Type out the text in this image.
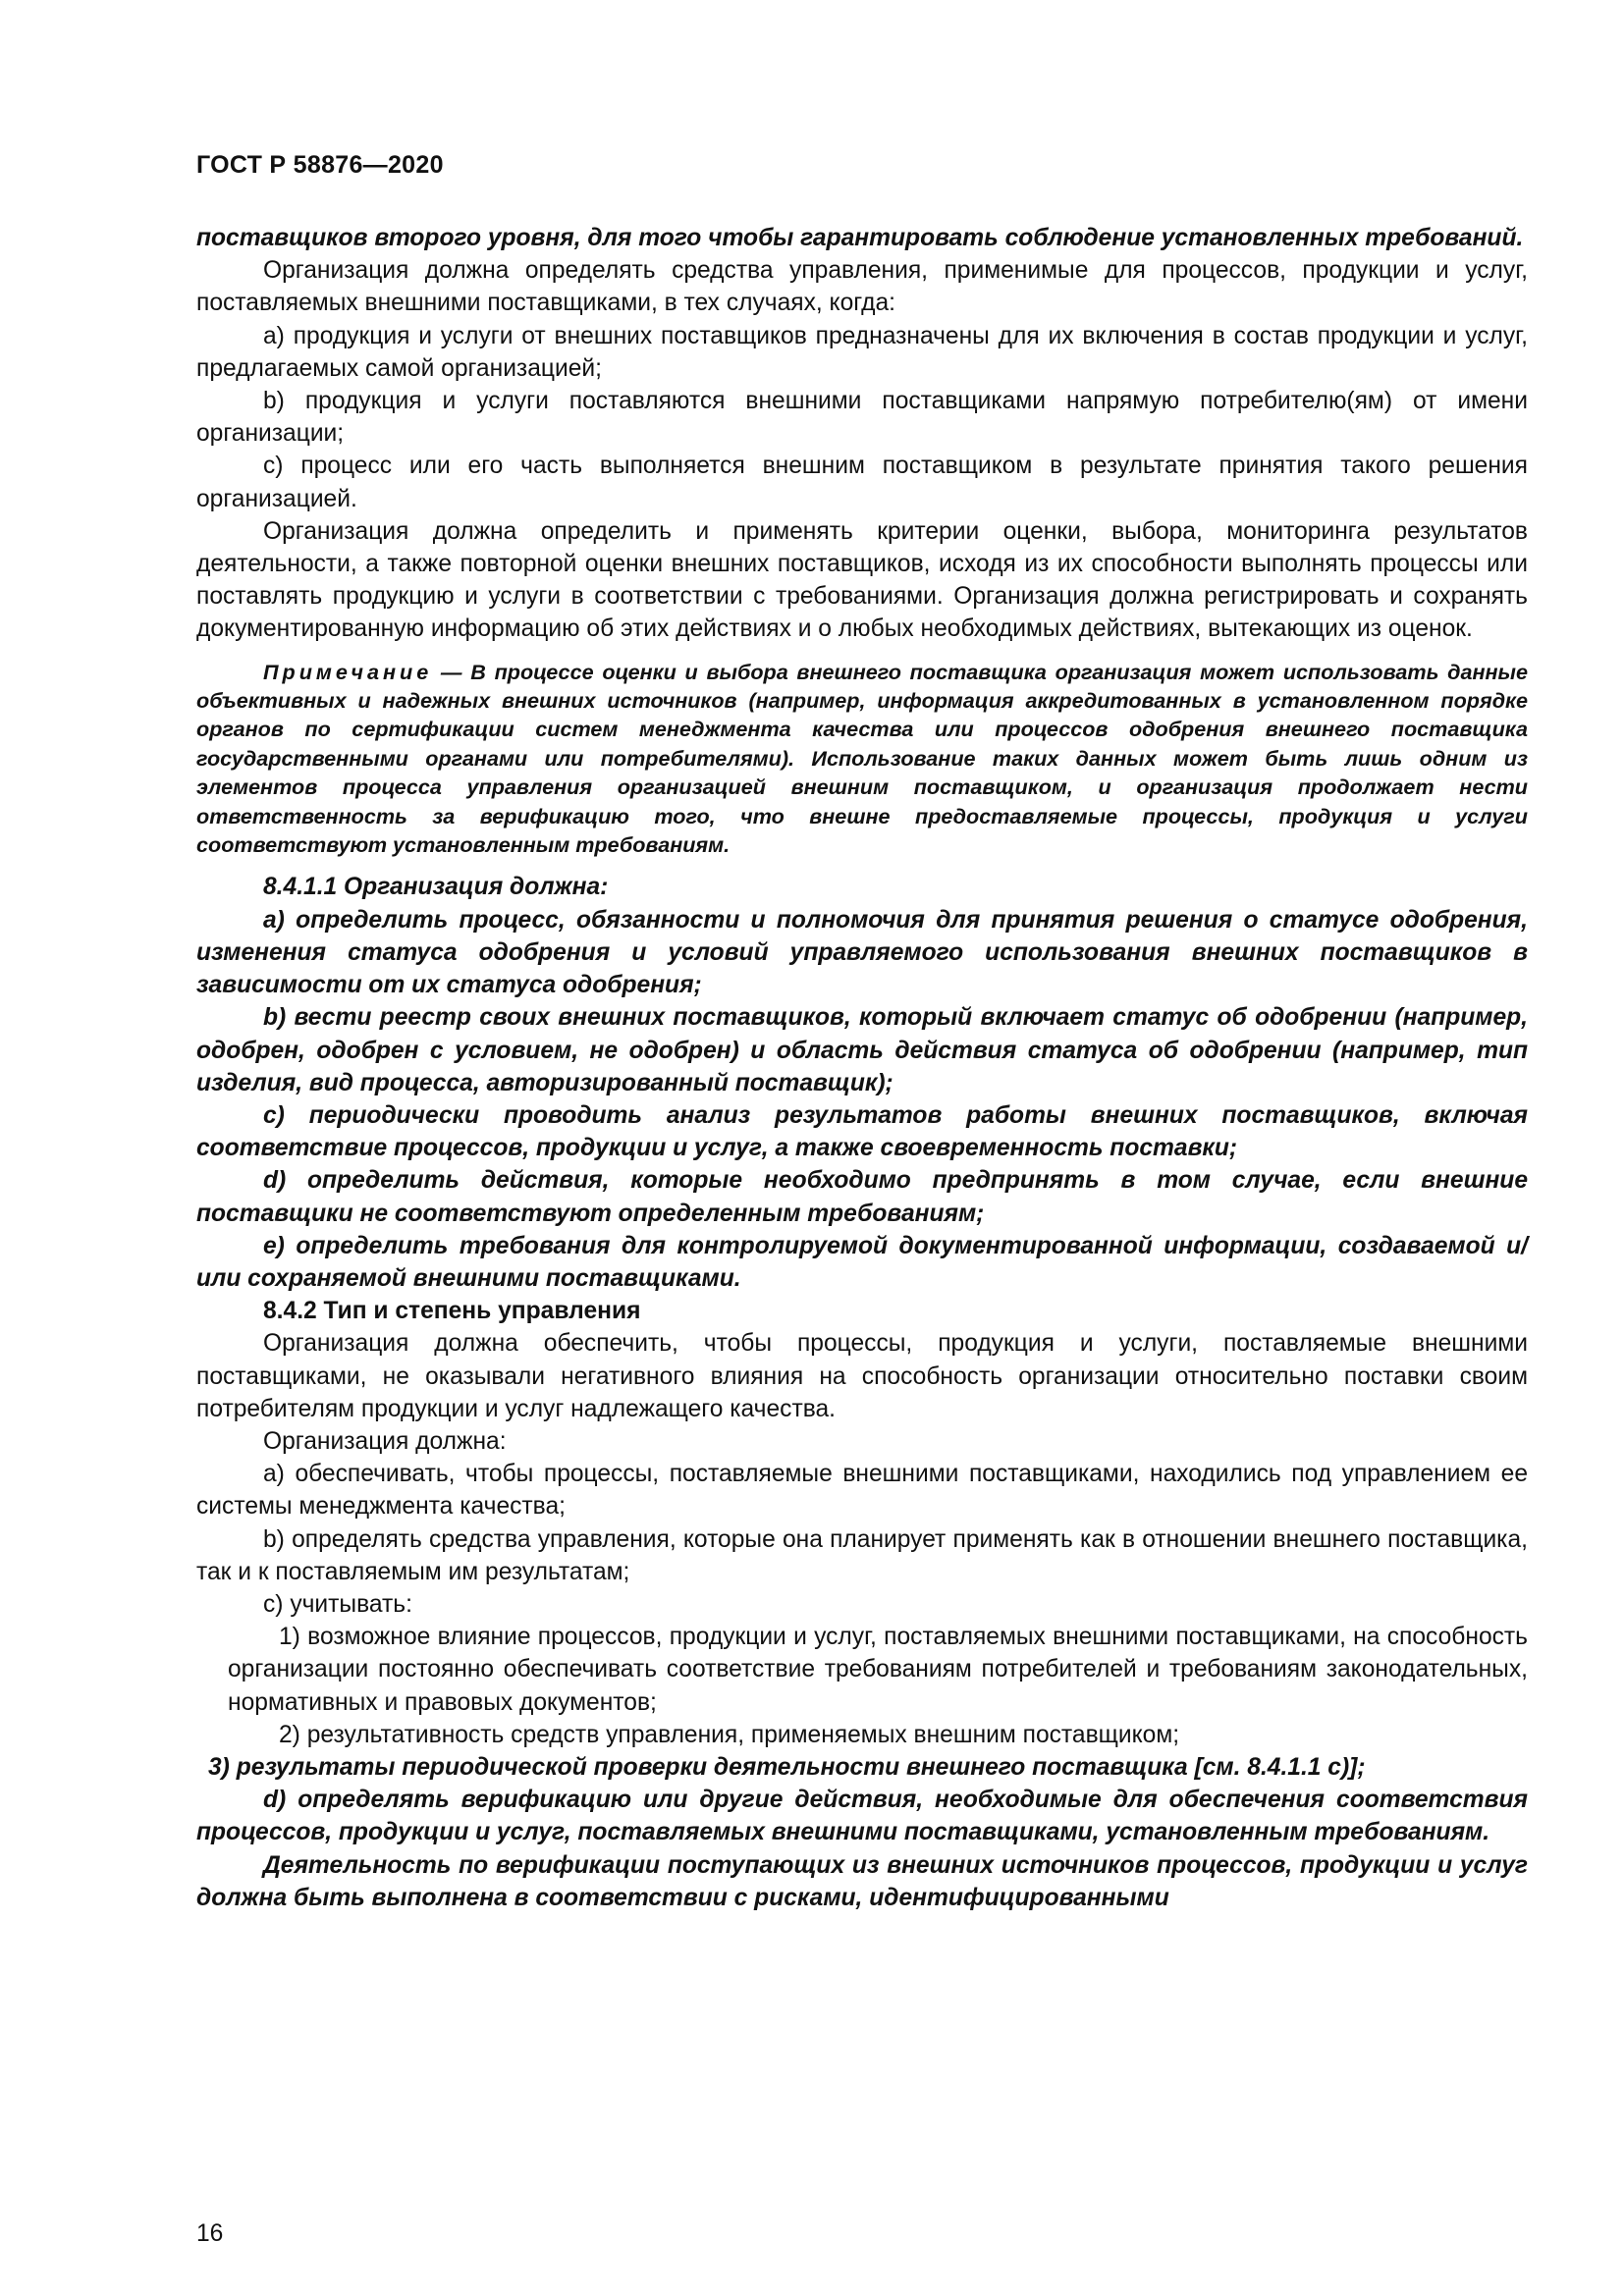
ГОСТ Р 58876—2020

поставщиков второго уровня, для того чтобы гарантировать соблюдение установленных требований.

Организация должна определять средства управления, применимые для процессов, продукции и услуг, поставляемых внешними поставщиками, в тех случаях, когда:

a) продукция и услуги от внешних поставщиков предназначены для их включения в состав продукции и услуг, предлагаемых самой организацией;

b) продукция и услуги поставляются внешними поставщиками напрямую потребителю(ям) от имени организации;

c) процесс или его часть выполняется внешним поставщиком в результате принятия такого решения организацией.

Организация должна определить и применять критерии оценки, выбора, мониторинга результатов деятельности, а также повторной оценки внешних поставщиков, исходя из их способности выполнять процессы или поставлять продукцию и услуги в соответствии с требованиями. Организация должна регистрировать и сохранять документированную информацию об этих действиях и о любых необходимых действиях, вытекающих из оценок.

Примечание — В процессе оценки и выбора внешнего поставщика организация может использовать данные объективных и надежных внешних источников (например, информация аккредитованных в установленном порядке органов по сертификации систем менеджмента качества или процессов одобрения внешнего поставщика государственными органами или потребителями). Использование таких данных может быть лишь одним из элементов процесса управления организацией внешним поставщиком, и организация продолжает нести ответственность за верификацию того, что внешне предоставляемые процессы, продукция и услуги соответствуют установленным требованиям.

8.4.1.1 Организация должна:

a) определить процесс, обязанности и полномочия для принятия решения о статусе одобрения, изменения статуса одобрения и условий управляемого использования внешних поставщиков в зависимости от их статуса одобрения;

b) вести реестр своих внешних поставщиков, который включает статус об одобрении (например, одобрен, одобрен с условием, не одобрен) и область действия статуса об одобрении (например, тип изделия, вид процесса, авторизированный поставщик);

c) периодически проводить анализ результатов работы внешних поставщиков, включая соответствие процессов, продукции и услуг, а также своевременность поставки;

d) определить действия, которые необходимо предпринять в том случае, если внешние поставщики не соответствуют определенным требованиям;

e) определить требования для контролируемой документированной информации, создаваемой и/или сохраняемой внешними поставщиками.

8.4.2 Тип и степень управления

Организация должна обеспечить, чтобы процессы, продукция и услуги, поставляемые внешними поставщиками, не оказывали негативного влияния на способность организации относительно поставки своим потребителям продукции и услуг надлежащего качества.

Организация должна:

a) обеспечивать, чтобы процессы, поставляемые внешними поставщиками, находились под управлением ее системы менеджмента качества;

b) определять средства управления, которые она планирует применять как в отношении внешнего поставщика, так и к поставляемым им результатам;

c) учитывать:

1) возможное влияние процессов, продукции и услуг, поставляемых внешними поставщиками, на способность организации постоянно обеспечивать соответствие требованиям потребителей и требованиям законодательных, нормативных и правовых документов;

2) результативность средств управления, применяемых внешним поставщиком;

3) результаты периодической проверки деятельности внешнего поставщика [см. 8.4.1.1 c)];

d) определять верификацию или другие действия, необходимые для обеспечения соответствия процессов, продукции и услуг, поставляемых внешними поставщиками, установленным требованиям.

Деятельность по верификации поступающих из внешних источников процессов, продукции и услуг должна быть выполнена в соответствии с рисками, идентифицированными

16
